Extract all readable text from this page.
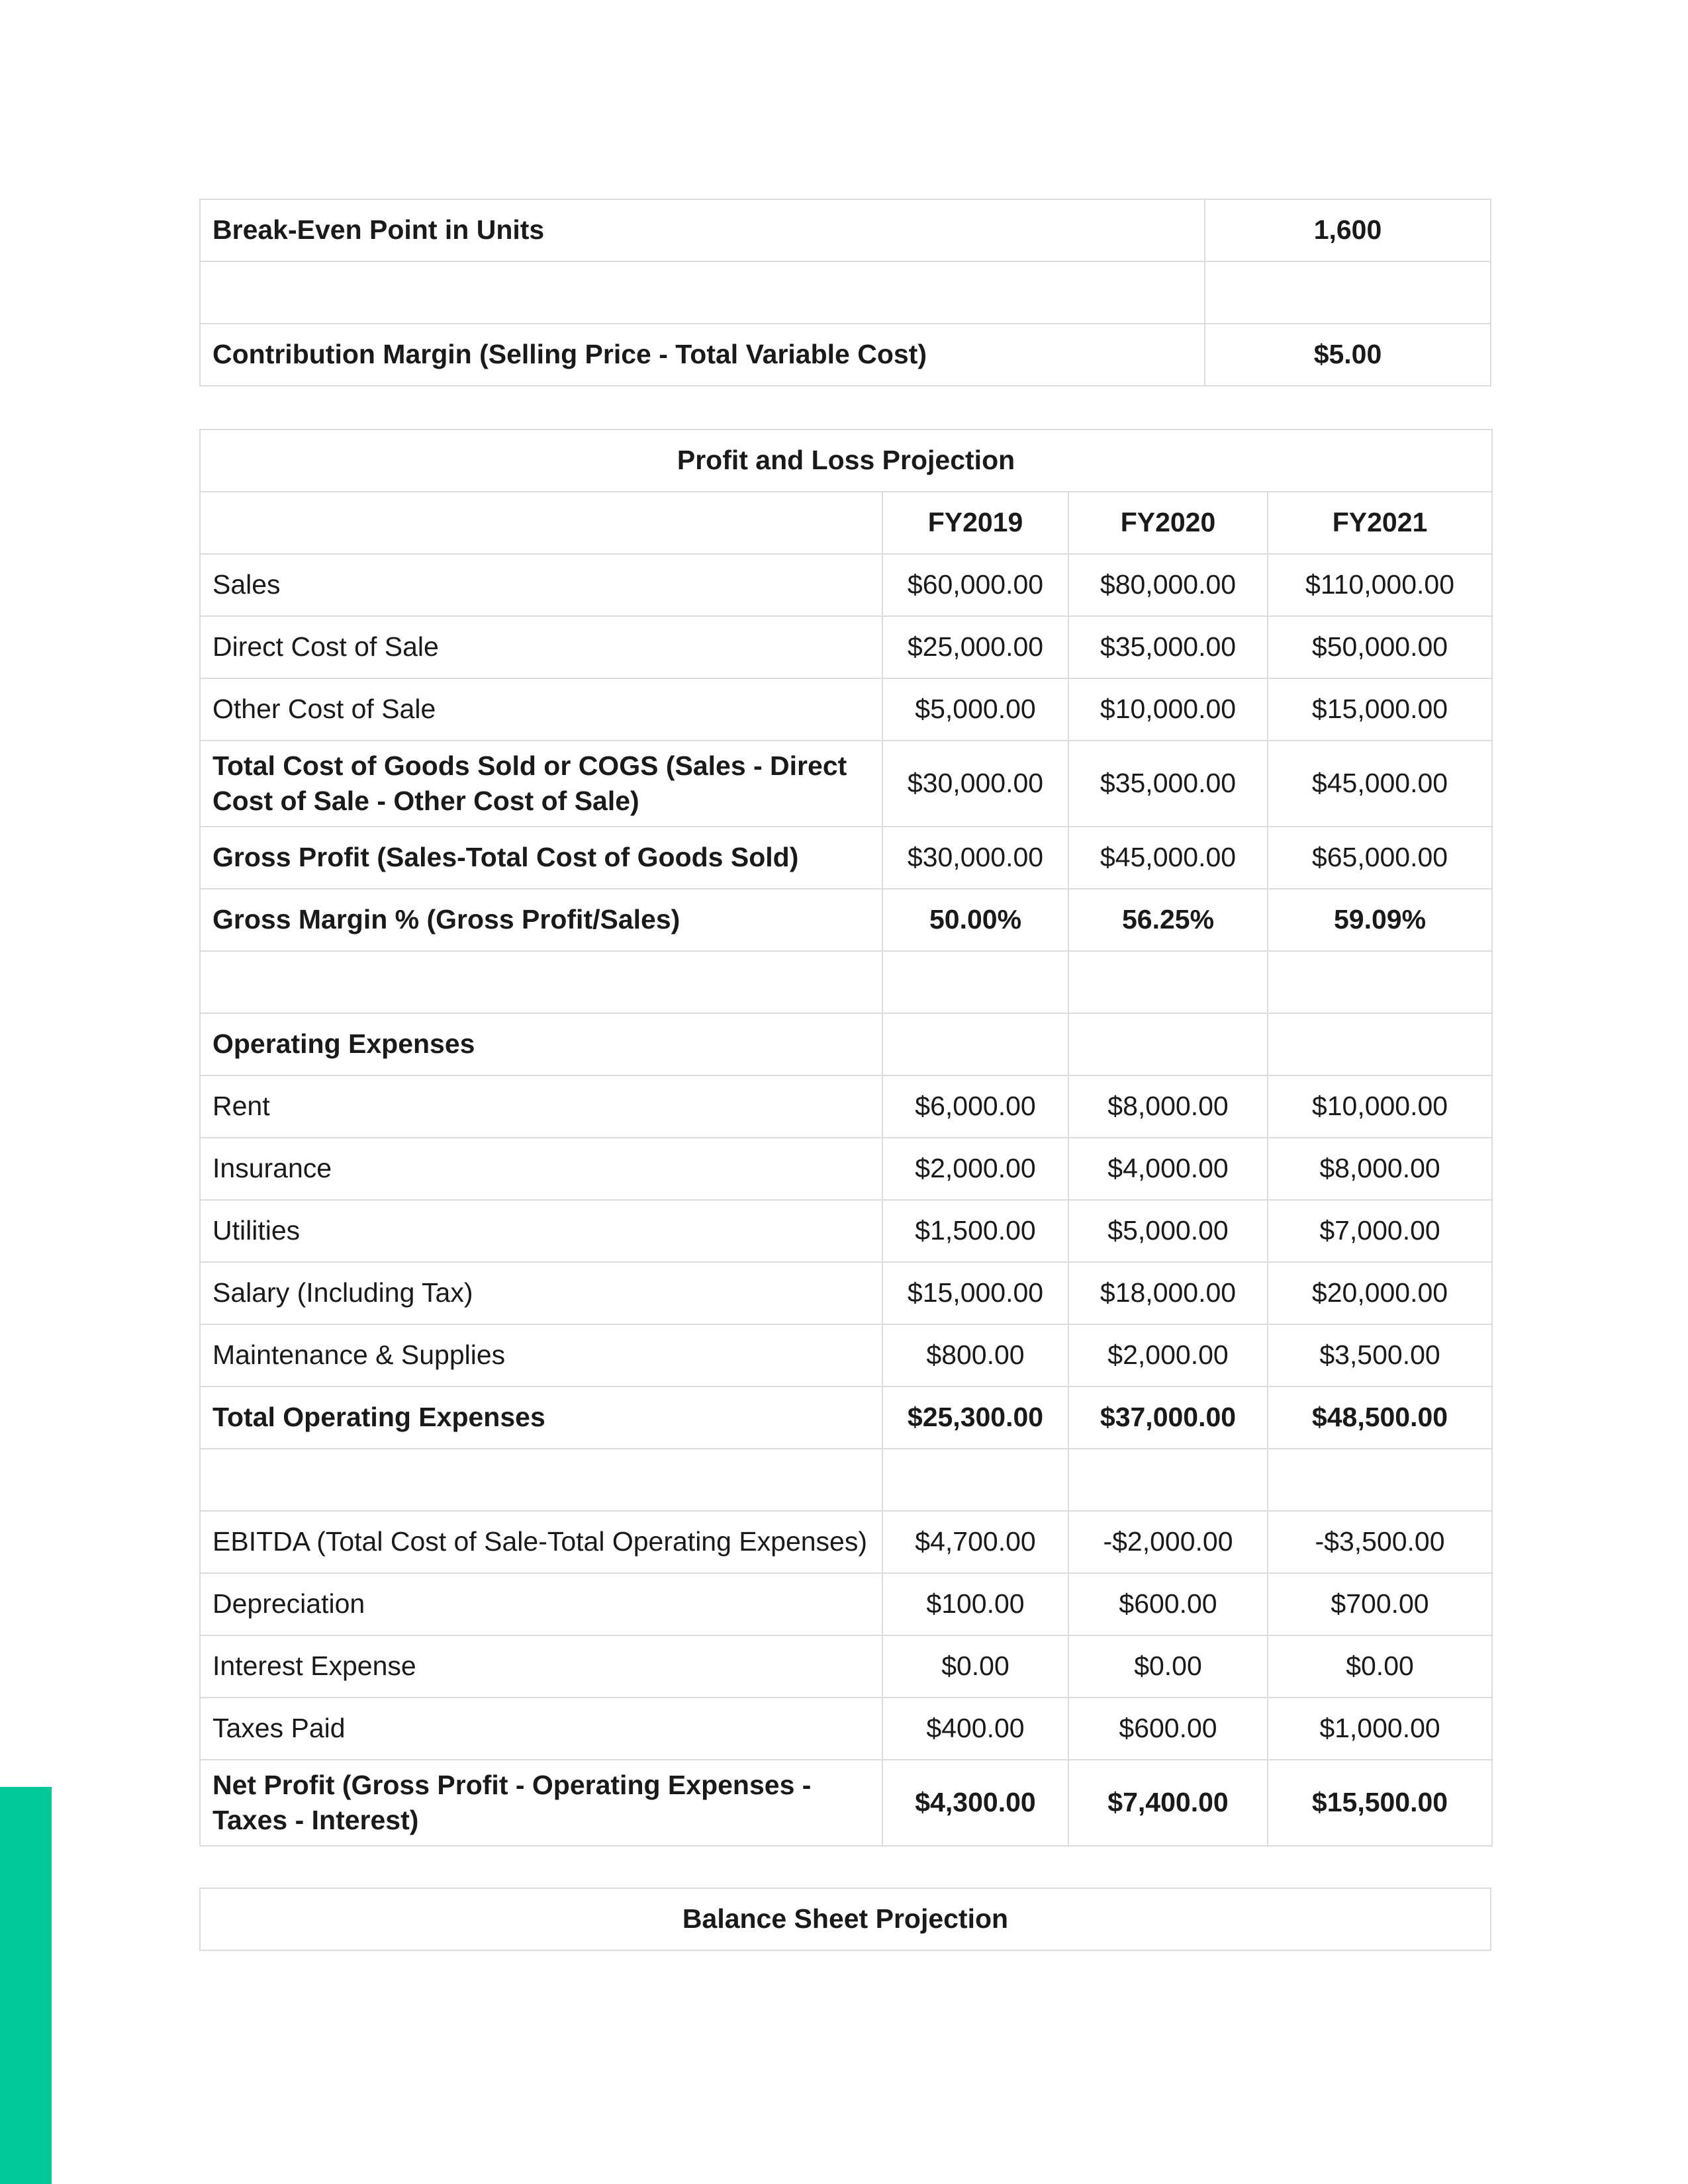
Break-Even Point in Units	1,600

Contribution Margin (Selling Price - Total Variable Cost)	$5.00
Profit and Loss Projection			
	FY2019	FY2020	FY2021
Sales	$60,000.00	$80,000.00	$110,000.00
Direct Cost of Sale	$25,000.00	$35,000.00	$50,000.00
Other Cost of Sale	$5,000.00	$10,000.00	$15,000.00
Total Cost of Goods Sold or COGS (Sales - Direct Cost of Sale - Other Cost of Sale)	$30,000.00	$35,000.00	$45,000.00
Gross Profit (Sales-Total Cost of Goods Sold)	$30,000.00	$45,000.00	$65,000.00
Gross Margin % (Gross Profit/Sales)	50.00%	56.25%	59.09%

Operating Expenses			
Rent	$6,000.00	$8,000.00	$10,000.00
Insurance	$2,000.00	$4,000.00	$8,000.00
Utilities	$1,500.00	$5,000.00	$7,000.00
Salary (Including Tax)	$15,000.00	$18,000.00	$20,000.00
Maintenance & Supplies	$800.00	$2,000.00	$3,500.00
Total Operating Expenses	$25,300.00	$37,000.00	$48,500.00

EBITDA (Total Cost of Sale-Total Operating Expenses)	$4,700.00	-$2,000.00	-$3,500.00
Depreciation	$100.00	$600.00	$700.00
Interest Expense	$0.00	$0.00	$0.00
Taxes Paid	$400.00	$600.00	$1,000.00
Net Profit (Gross Profit - Operating Expenses - Taxes - Interest)	$4,300.00	$7,400.00	$15,500.00
Balance Sheet Projection
